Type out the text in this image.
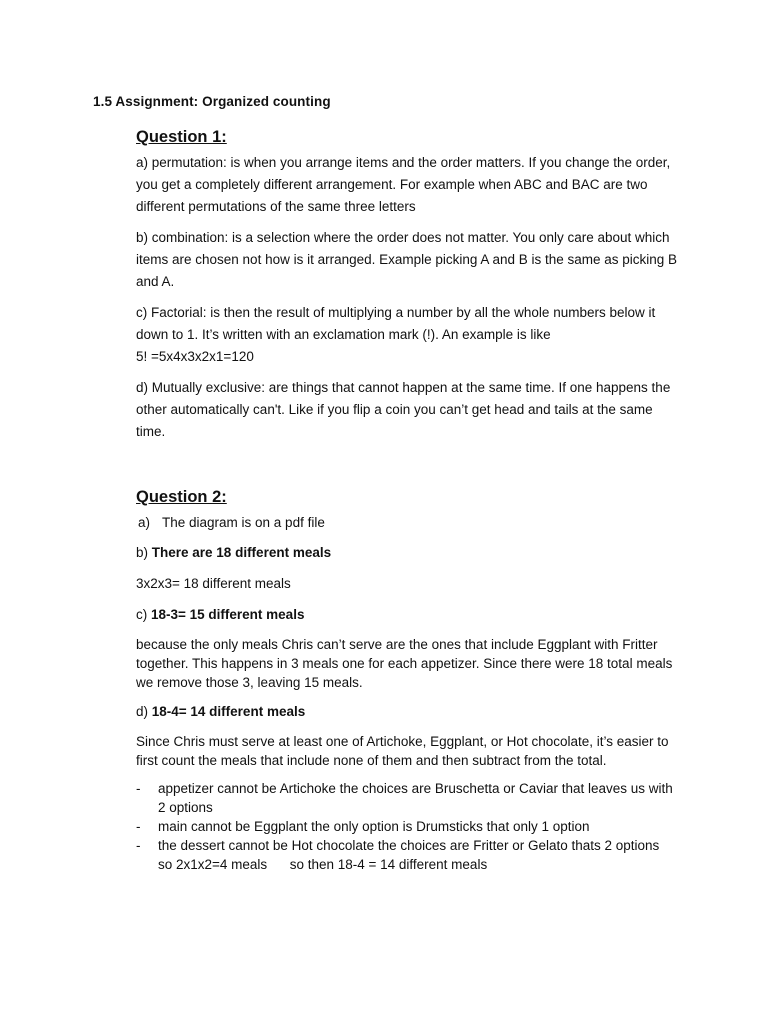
1.5 Assignment: Organized counting
Question 1:

a) permutation: is when you arrange items and the order matters. If you change the order, you get a completely different arrangement. For example when ABC and BAC are two different permutations of the same three letters

b) combination: is a selection where the order does not matter. You only care about which items are chosen not how is it arranged. Example picking A and B is the same as picking B and A.

c) Factorial: is then the result of multiplying a number by all the whole numbers below it down to 1. It’s written with an exclamation mark (!). An example is like
5! =5x4x3x2x1=120

d) Mutually exclusive: are things that cannot happen at the same time. If one happens the other automatically can't. Like if you flip a coin you can’t get head and tails at the same time.

Question 2:
a) The diagram is on a pdf file

b) There are 18 different meals

3x2x3= 18 different meals

c) 18-3= 15 different meals

because the only meals Chris can’t serve are the ones that include Eggplant with Fritter together. This happens in 3 meals one for each appetizer. Since there were 18 total meals we remove those 3, leaving 15 meals.

d) 18-4= 14 different meals

Since Chris must serve at least one of Artichoke, Eggplant, or Hot chocolate, it’s easier to first count the meals that include none of them and then subtract from the total.

- appetizer cannot be Artichoke the choices are Bruschetta or Caviar that leaves us with 2 options
- main cannot be Eggplant the only option is Drumsticks that only 1 option
- the dessert cannot be Hot chocolate the choices are Fritter or Gelato thats 2 options
so 2x1x2=4 meals      so then 18-4 = 14 different meals
